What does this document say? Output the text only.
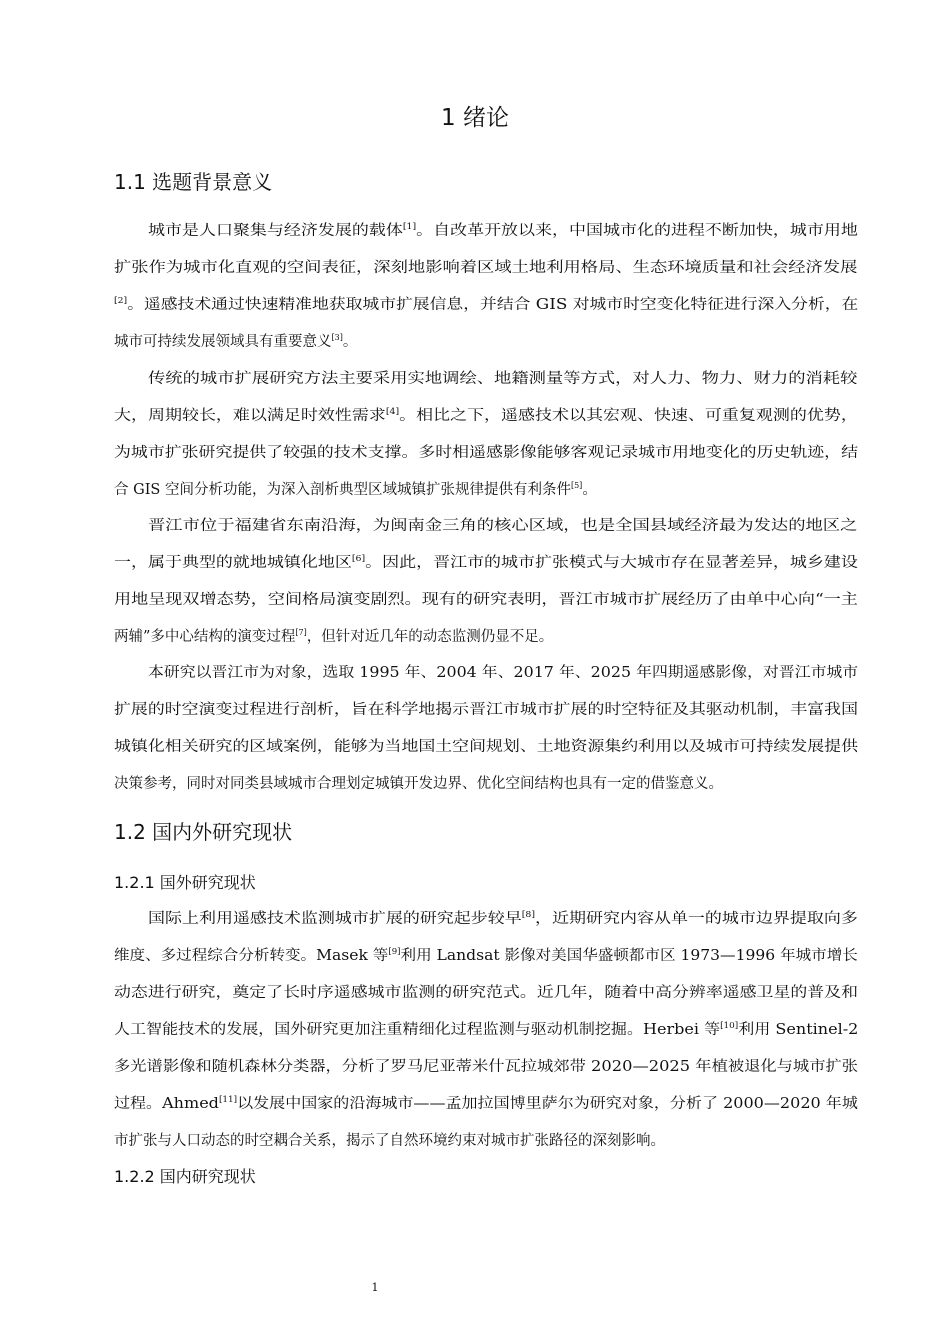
1 绪论
1.1 选题背景意义
城市是人口聚集与经济发展的载体[1]。自改革开放以来，中国城市化的进程不断加快，城市用地
扩张作为城市化直观的空间表征，深刻地影响着区域土地利用格局、生态环境质量和社会经济发展
[2]。遥感技术通过快速精准地获取城市扩展信息，并结合 GIS 对城市时空变化特征进行深入分析，在
城市可持续发展领域具有重要意义[3]。
传统的城市扩展研究方法主要采用实地调绘、地籍测量等方式，对人力、物力、财力的消耗较
大，周期较长，难以满足时效性需求[4]。相比之下，遥感技术以其宏观、快速、可重复观测的优势，
为城市扩张研究提供了较强的技术支撑。多时相遥感影像能够客观记录城市用地变化的历史轨迹，结
合 GIS 空间分析功能，为深入剖析典型区域城镇扩张规律提供有利条件[5]。
晋江市位于福建省东南沿海，为闽南金三角的核心区域，也是全国县域经济最为发达的地区之
一，属于典型的就地城镇化地区[6]。因此，晋江市的城市扩张模式与大城市存在显著差异，城乡建设
用地呈现双增态势，空间格局演变剧烈。现有的研究表明，晋江市城市扩展经历了由单中心向“一主
两辅”多中心结构的演变过程[7]，但针对近几年的动态监测仍显不足。
本研究以晋江市为对象，选取 1995 年、2004 年、2017 年、2025 年四期遥感影像，对晋江市城市
扩展的时空演变过程进行剖析，旨在科学地揭示晋江市城市扩展的时空特征及其驱动机制，丰富我国
城镇化相关研究的区域案例，能够为当地国土空间规划、土地资源集约利用以及城市可持续发展提供
决策参考，同时对同类县域城市合理划定城镇开发边界、优化空间结构也具有一定的借鉴意义。
1.2 国内外研究现状
1.2.1 国外研究现状
国际上利用遥感技术监测城市扩展的研究起步较早[8]，近期研究内容从单一的城市边界提取向多
维度、多过程综合分析转变。Masek 等[9]利用 Landsat 影像对美国华盛顿都市区 1973—1996 年城市增长
动态进行研究，奠定了长时序遥感城市监测的研究范式。近几年，随着中高分辨率遥感卫星的普及和
人工智能技术的发展，国外研究更加注重精细化过程监测与驱动机制挖掘。Herbei 等[10]利用 Sentinel-2
多光谱影像和随机森林分类器，分析了罗马尼亚蒂米什瓦拉城郊带 2020—2025 年植被退化与城市扩张
过程。Ahmed[11]以发展中国家的沿海城市——孟加拉国博里萨尔为研究对象，分析了 2000—2020 年城
市扩张与人口动态的时空耦合关系，揭示了自然环境约束对城市扩张路径的深刻影响。
1.2.2 国内研究现状
1
